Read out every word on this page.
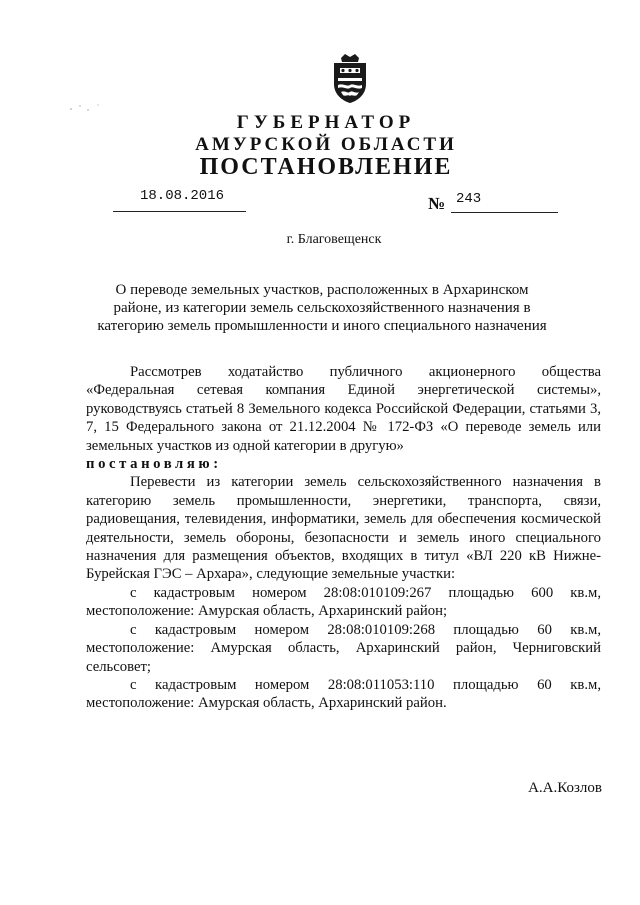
ГУБЕРНАТОР
АМУРСКОЙ ОБЛАСТИ
ПОСТАНОВЛЕНИЕ
18.08.2016	№ 243
г. Благовещенск
О переводе земельных участков, расположенных в Архаринском районе, из категории земель сельскохозяйственного назначения в категорию земель промышленности и иного специального назначения

Рассмотрев ходатайство публичного акционерного общества «Федеральная сетевая компания Единой энергетической системы», руководствуясь статьей 8 Земельного кодекса Российской Федерации, статьями 3, 7, 15 Федерального закона от 21.12.2004 № 172-ФЗ «О переводе земель или земельных участков из одной категории в другую»

постановляю:

Перевести из категории земель сельскохозяйственного назначения в категорию земель промышленности, энергетики, транспорта, связи, радиовещания, телевидения, информатики, земель для обеспечения космической деятельности, земель обороны, безопасности и земель иного специального назначения для размещения объектов, входящих в титул «ВЛ 220 кВ Нижне-Бурейская ГЭС – Архара», следующие земельные участки:

с кадастровым номером 28:08:010109:267 площадью 600 кв.м, местоположение: Амурская область, Архаринский район;

с кадастровым номером 28:08:010109:268 площадью 60 кв.м, местоположение: Амурская область, Архаринский район, Черниговский сельсовет;

с кадастровым номером 28:08:011053:110 площадью 60 кв.м, местоположение: Амурская область, Архаринский район.

А.А.Козлов
